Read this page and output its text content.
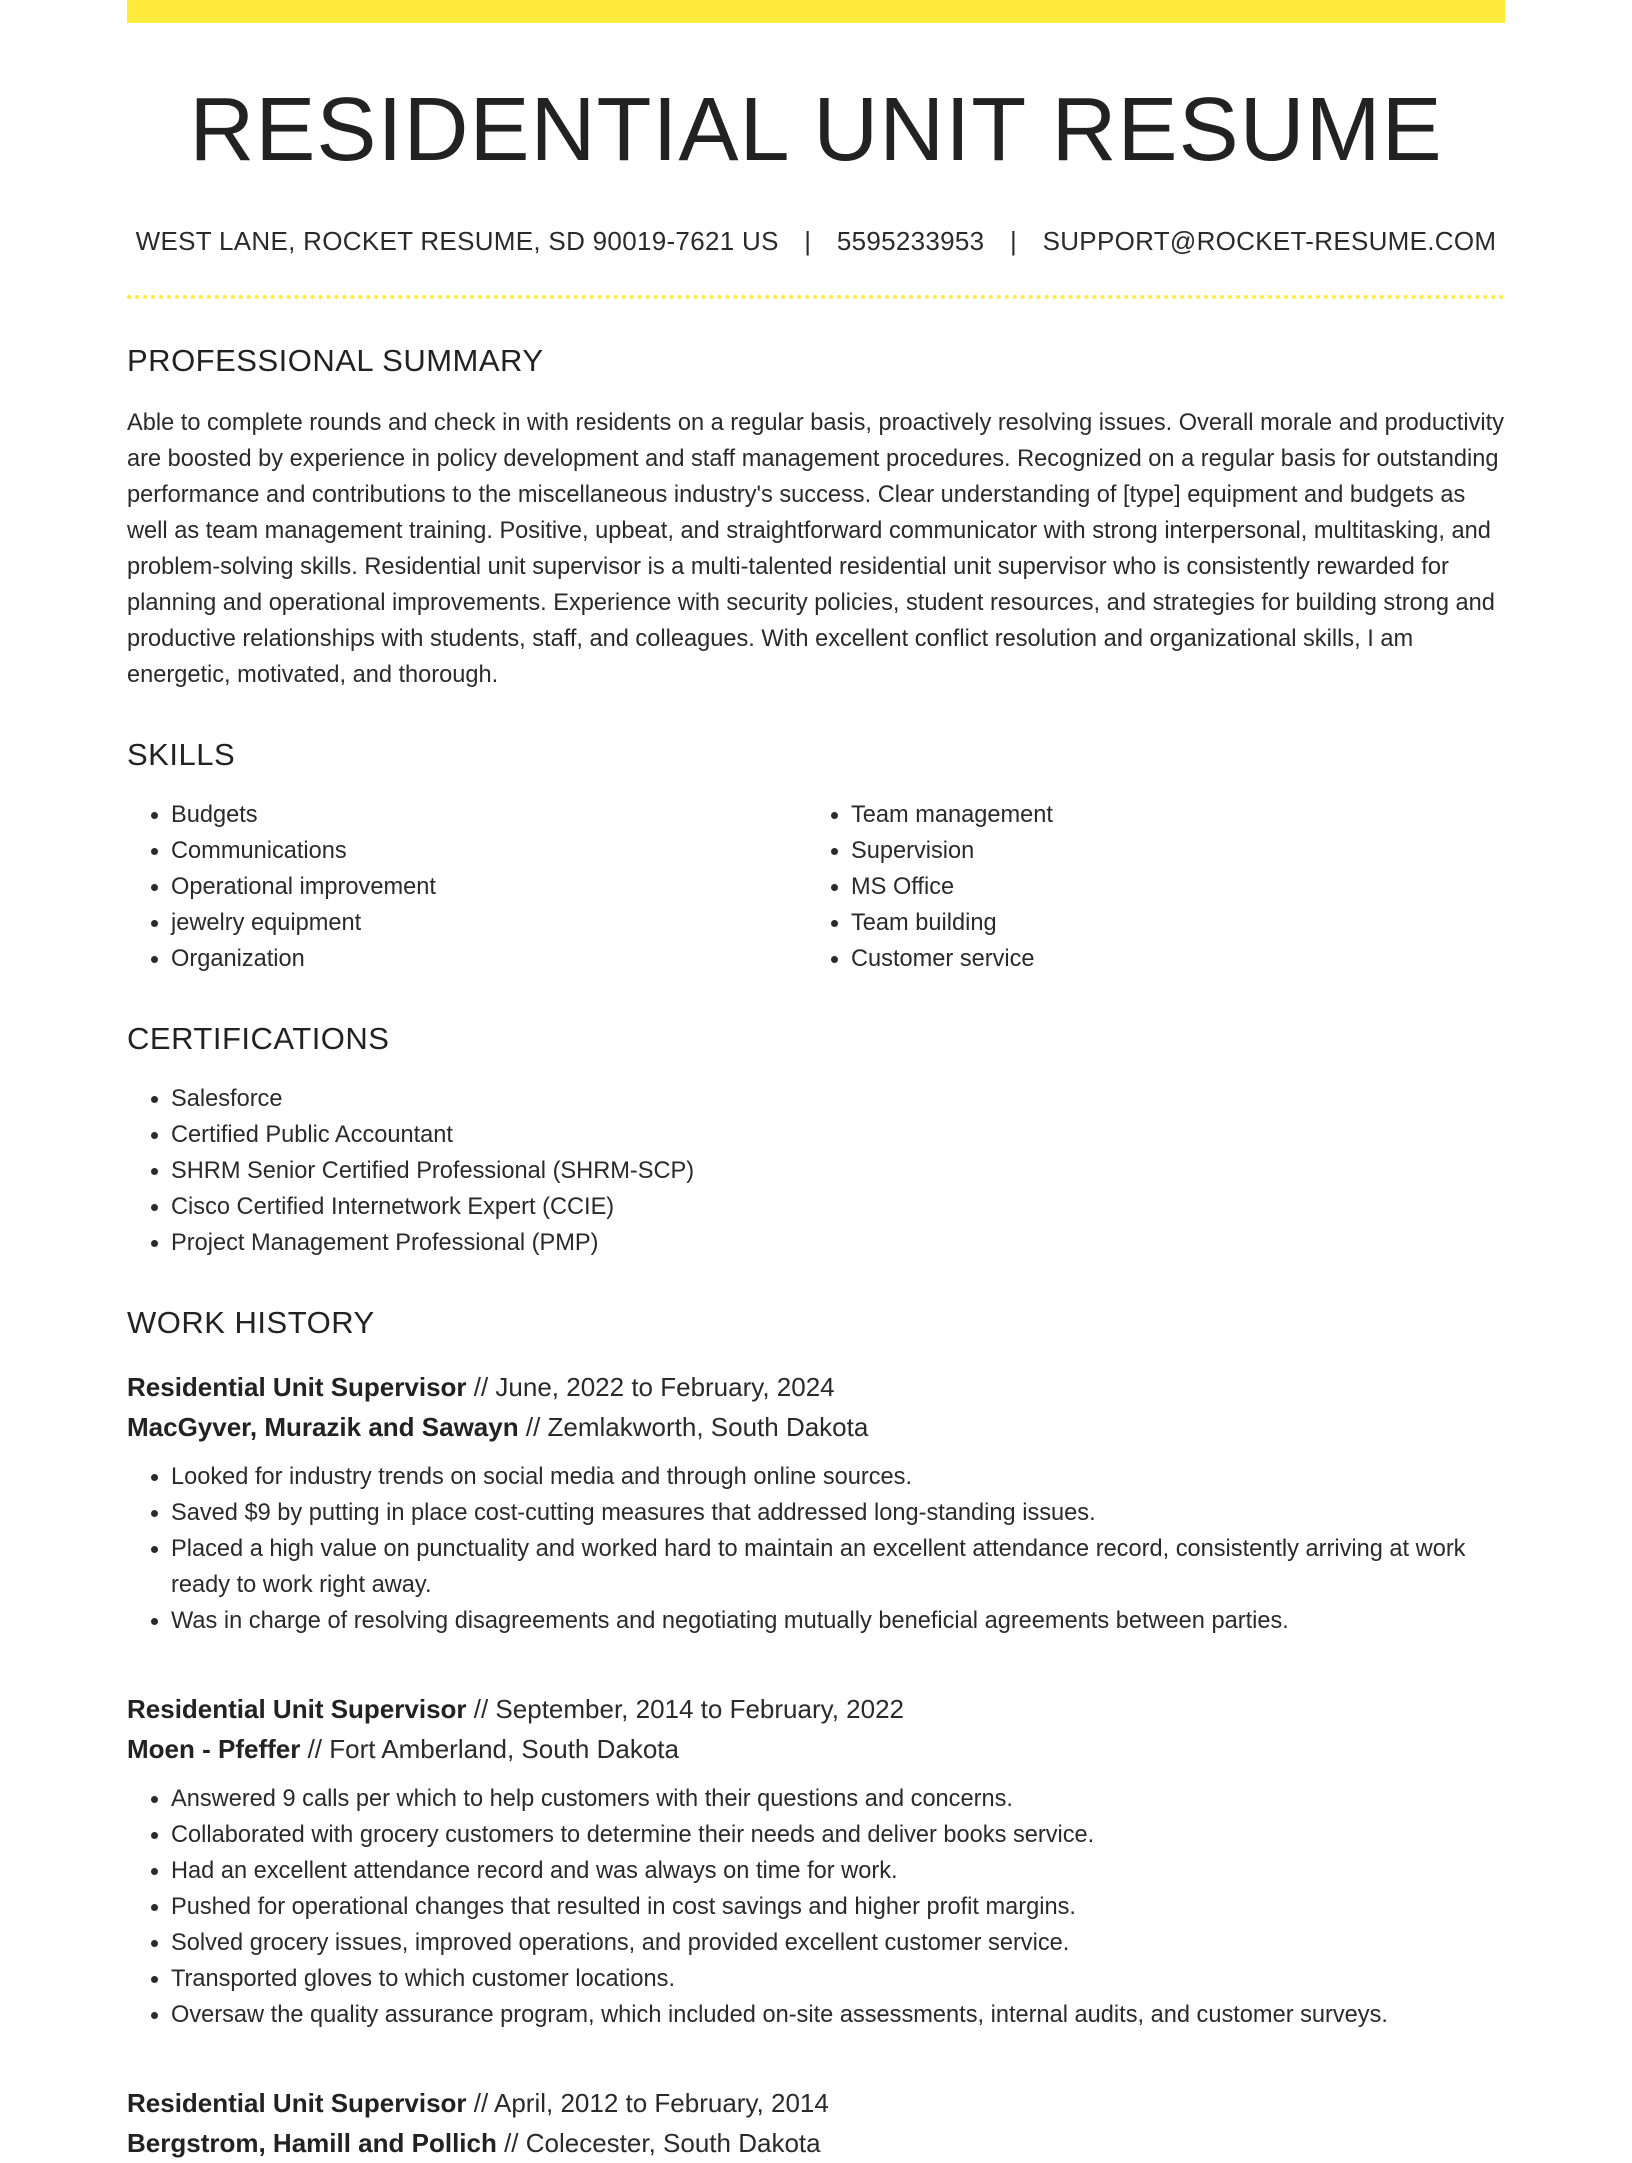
RESIDENTIAL UNIT RESUME
WEST LANE, ROCKET RESUME, SD 90019-7621 US | 5595233953 | SUPPORT@ROCKET-RESUME.COM
PROFESSIONAL SUMMARY
Able to complete rounds and check in with residents on a regular basis, proactively resolving issues. Overall morale and productivity are boosted by experience in policy development and staff management procedures. Recognized on a regular basis for outstanding performance and contributions to the miscellaneous industry's success. Clear understanding of [type] equipment and budgets as well as team management training. Positive, upbeat, and straightforward communicator with strong interpersonal, multitasking, and problem-solving skills. Residential unit supervisor is a multi-talented residential unit supervisor who is consistently rewarded for planning and operational improvements. Experience with security policies, student resources, and strategies for building strong and productive relationships with students, staff, and colleagues. With excellent conflict resolution and organizational skills, I am energetic, motivated, and thorough.
SKILLS
• Budgets
• Communications
• Operational improvement
• jewelry equipment
• Organization
• Team management
• Supervision
• MS Office
• Team building
• Customer service
CERTIFICATIONS
• Salesforce
• Certified Public Accountant
• SHRM Senior Certified Professional (SHRM-SCP)
• Cisco Certified Internetwork Expert (CCIE)
• Project Management Professional (PMP)
WORK HISTORY
Residential Unit Supervisor // June, 2022 to February, 2024
MacGyver, Murazik and Sawayn // Zemlakworth, South Dakota
• Looked for industry trends on social media and through online sources.
• Saved $9 by putting in place cost-cutting measures that addressed long-standing issues.
• Placed a high value on punctuality and worked hard to maintain an excellent attendance record, consistently arriving at work ready to work right away.
• Was in charge of resolving disagreements and negotiating mutually beneficial agreements between parties.
Residential Unit Supervisor // September, 2014 to February, 2022
Moen - Pfeffer // Fort Amberland, South Dakota
• Answered 9 calls per which to help customers with their questions and concerns.
• Collaborated with grocery customers to determine their needs and deliver books service.
• Had an excellent attendance record and was always on time for work.
• Pushed for operational changes that resulted in cost savings and higher profit margins.
• Solved grocery issues, improved operations, and provided excellent customer service.
• Transported gloves to which customer locations.
• Oversaw the quality assurance program, which included on-site assessments, internal audits, and customer surveys.
Residential Unit Supervisor // April, 2012 to February, 2014
Bergstrom, Hamill and Pollich // Colecester, South Dakota
